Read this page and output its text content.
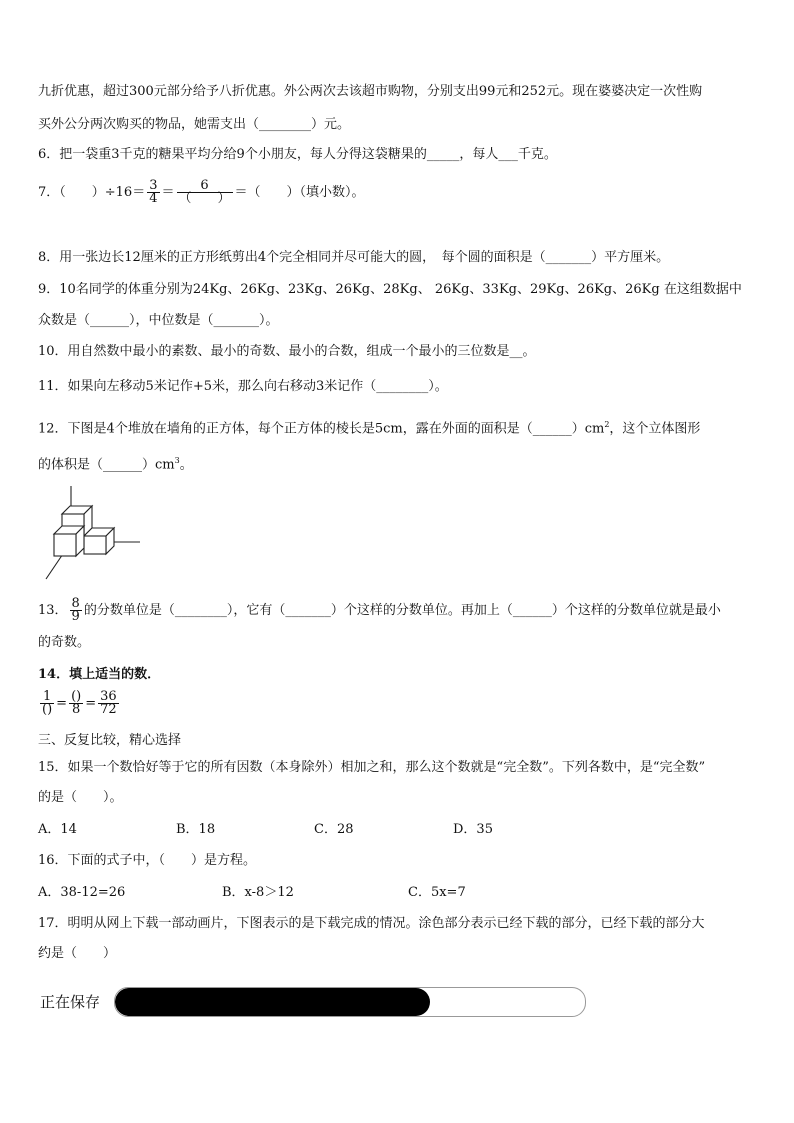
九折优惠，超过300元部分给予八折优惠。外公两次去该超市购物，分别支出99元和252元。现在婆婆决定一次性购
买外公分两次购买的物品，她需支出（________）元。
6．把一袋重3千克的糖果平均分给9个小朋友，每人分得这袋糖果的_____，每人___千克。
7．（　　）$\div 16= \frac{3}{4} = \frac{6}{( )}$ ＝（　　）（填小数）。
8．用一张边长12厘米的正方形纸剪出4个完全相同并尽可能大的圆，　每个圆的面积是（_______）平方厘米。
9．10名同学的体重分别为24Kg、26Kg、23Kg、26Kg、28Kg、 26Kg、33Kg、29Kg、26Kg、26Kg 在这组数据中
众数是（______），中位数是（_______）。
10．用自然数中最小的素数、最小的奇数、最小的合数，组成一个最小的三位数是__。
11．如果向左移动5米记作+5米，那么向右移动3米记作（________）。
12．下图是4个堆放在墙角的正方体，每个正方体的棱长是5cm，露在外面的面积是$(\_\_\_\_\_\_)cm^2$，这个立体图形
的体积是$(\_\_\_\_\_\_)cm^3$。
13． $\frac{8}{9}$ 的分数单位是（________），它有（_______）个这样的分数单位。再加上（______）个这样的分数单位就是最小
的奇数。
14．填上适当的数．
$\frac{1}{()} = \frac{()}{8} = \frac{36}{72}$
三、反复比较，精心选择
15．如果一个数恰好等于它的所有因数（本身除外）相加之和，那么这个数就是“完全数”。下列各数中，是“完全数”
的是（　　）。
A．14	B．18	C．28	D．35
16．下面的式子中，（　　）是方程。
A．38-12=26	B．x-8＞12	C．5x=7
17．明明从网上下载一部动画片，下图表示的是下载完成的情况。涂色部分表示已经下载的部分，已经下载的部分大
约是（　　）
正在保存
